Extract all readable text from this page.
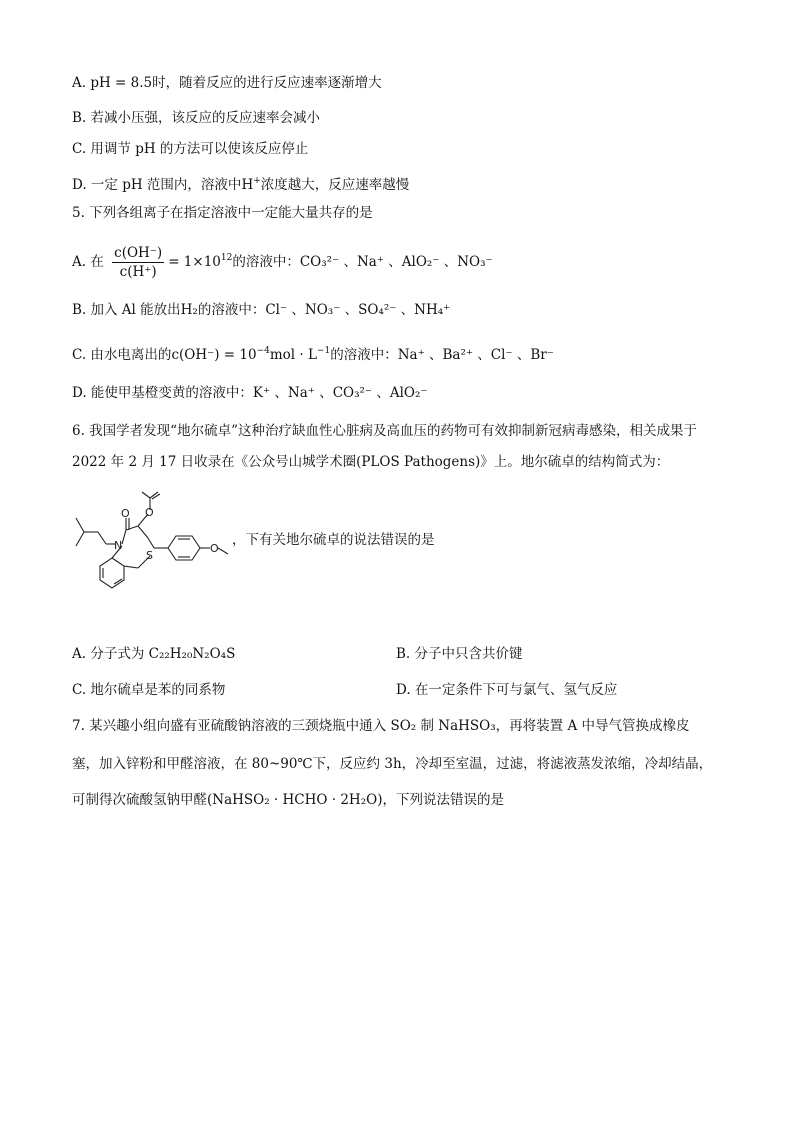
A. pH = 8.5时，随着反应的进行反应速率逐渐增大
B. 若减小压强，该反应的反应速率会减小
C. 用调节 pH 的方法可以使该反应停止
D. 一定 pH 范围内，溶液中H+浓度越大，反应速率越慢
5. 下列各组离子在指定溶液中一定能大量共存的是
A. 在 $\frac{c(OH^-)}{c(H^+)} = 1\times 10^{12}$的溶液中：CO₃²⁻ 、Na⁺ 、AlO₂⁻ 、NO₃⁻
B. 加入 Al 能放出H₂的溶液中：Cl⁻ 、NO₃⁻ 、SO₄²⁻ 、NH₄⁺
C. 由水电离出的$c(OH^-) = 10^{-4}mol \cdot L^{-1}$的溶液中：Na⁺ 、Ba²⁺ 、Cl⁻ 、Br⁻
D. 能使甲基橙变黄的溶液中：K⁺ 、Na⁺ 、CO₃²⁻ 、AlO₂⁻
6. 我国学者发现“地尔硫卓”这种治疗缺血性心脏病及高血压的药物可有效抑制新冠病毒感染，相关成果于
2022 年 2 月 17 日收录在《公众号山城学术圈(PLOS Pathogens)》上。地尔硫卓的结构简式为：
O O
N
S
O
，下有关地尔硫卓的说法错误的是
A. 分子式为 C₂₂H₂₀N₂O₄S	B. 分子中只含共价键
C. 地尔硫卓是苯的同系物	D. 在一定条件下可与氯气、氢气反应
7. 某兴趣小组向盛有亚硫酸钠溶液的三颈烧瓶中通入 SO₂ 制 NaHSO₃，再将装置 A 中导气管换成橡皮
塞，加入锌粉和甲醛溶液，在 80~90℃下，反应约 3h，冷却至室温，过滤，将滤液蒸发浓缩，冷却结晶，
可制得次硫酸氢钠甲醛(NaHSO₂ · HCHO · 2H₂O)，下列说法错误的是
